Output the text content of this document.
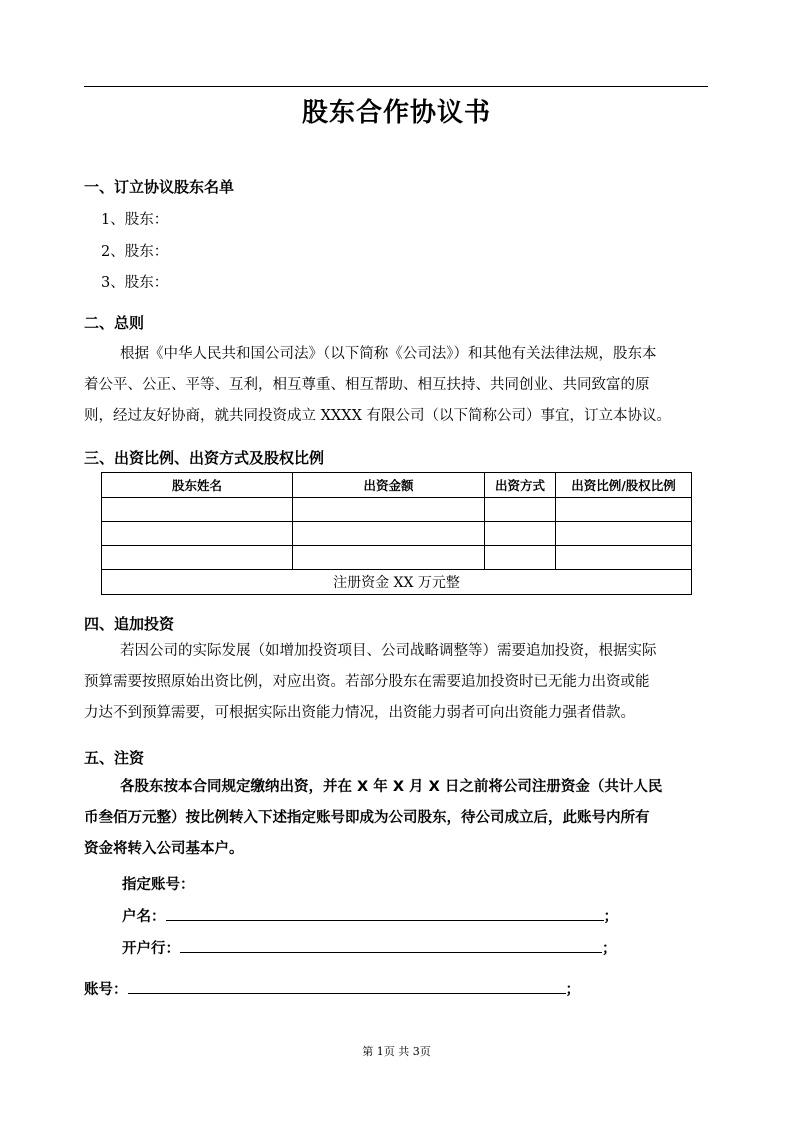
股东合作协议书
一、订立协议股东名单
1、股东：
2、股东：
3、股东：
二、总则
根据《中华人民共和国公司法》（以下简称《公司法》）和其他有关法律法规，股东本
着公平、公正、平等、互利，相互尊重、相互帮助、相互扶持、共同创业、共同致富的原
则，经过友好协商，就共同投资成立 XXXX 有限公司（以下简称公司）事宜，订立本协议。
三、出资比例、出资方式及股权比例
股东姓名	出资金额	出资方式	出资比例/股权比例

注册资金 XX 万元整			
四、追加投资
若因公司的实际发展（如增加投资项目、公司战略调整等）需要追加投资，根据实际
预算需要按照原始出资比例，对应出资。若部分股东在需要追加投资时已无能力出资或能
力达不到预算需要，可根据实际出资能力情况，出资能力弱者可向出资能力强者借款。
五、注资
各股东按本合同规定缴纳出资，并在 X 年 X 月 X 日之前将公司注册资金（共计人民
币叁佰万元整）按比例转入下述指定账号即成为公司股东，待公司成立后，此账号内所有
资金将转入公司基本户。
指定账号：
户名：	；
开户行：	；
账号：	；
第 1页 共 3页
